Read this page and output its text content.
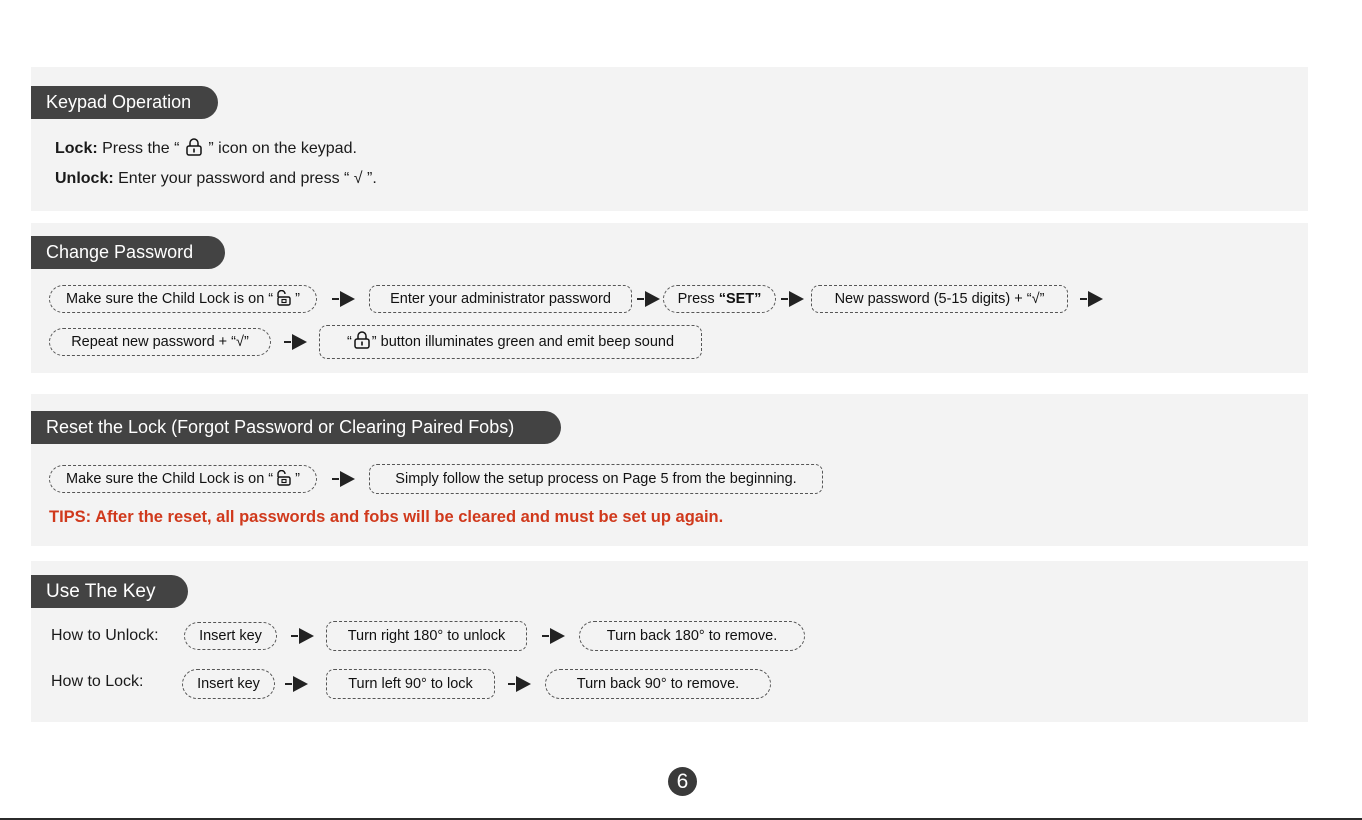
Keypad Operation
Lock: Press the “  ” icon on the keypad.
Unlock: Enter your password and press “ √ ”.
Change Password
Make sure the Child Lock is on “ ”	Enter your administrator password	Press “SET”	New password (5-15 digits) + “√”
Repeat new password + “√”	“ ” button illuminates green and emit beep sound
Reset the Lock (Forgot Password or Clearing Paired Fobs)
Make sure the Child Lock is on “ ”	Simply follow the setup process on Page 5 from the beginning.
TIPS: After the reset, all passwords and fobs will be cleared and must be set up again.
Use The Key
How to Unlock:	Insert key	Turn right 180° to unlock	Turn back 180° to remove.
How to Lock:	Insert key	Turn left 90° to lock	Turn back 90° to remove.
6
